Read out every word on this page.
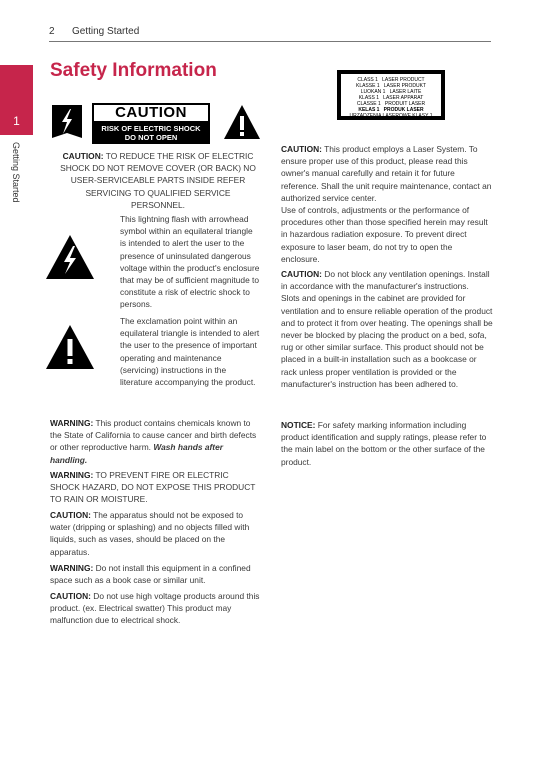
2 Getting Started
1
Getting Started
Safety Information
CAUTION
RISK OF ELECTRIC SHOCK
DO NOT OPEN
CAUTION: TO REDUCE THE RISK OF ELECTRIC SHOCK DO NOT REMOVE COVER (OR BACK) NO USER-SERVICEABLE PARTS INSIDE REFER SERVICING TO QUALIFIED SERVICE PERSONNEL.
This lightning flash with arrowhead symbol within an equilateral triangle is intended to alert the user to the presence of uninsulated dangerous voltage within the product's enclosure that may be of sufficient magnitude to constitute a risk of electric shock to persons.
The exclamation point within an equilateral triangle is intended to alert the user to the presence of important operating and maintenance (servicing) instructions in the literature accompanying the product.
WARNING: This product contains chemicals known to the State of California to cause cancer and birth defects or other reproductive harm. Wash hands after handling.
WARNING: TO PREVENT FIRE OR ELECTRIC SHOCK HAZARD, DO NOT EXPOSE THIS PRODUCT TO RAIN OR MOISTURE.
CAUTION: The apparatus should not be exposed to water (dripping or splashing) and no objects filled with liquids, such as vases, should be placed on the apparatus.
WARNING: Do not install this equipment in a confined space such as a book case or similar unit.
CAUTION: Do not use high voltage products around this product. (ex. Electrical swatter) This product may malfunction due to electrical shock.
CLASS 1   LASER PRODUCT
KLASSE 1   LASER PRODUKT
LUOKAN 1   LASER LAITE
KLASS 1   LASER APPARAT
CLASSE 1   PRODUIT LASER
KELAS 1   PRODUK LASER
URZADZENIA LASEROWE KLASY 1
CAUTION: This product employs a Laser System. To ensure proper use of this product, please read this owner's manual carefully and retain it for future reference. Shall the unit require maintenance, contact an authorized service center.
Use of controls, adjustments or the performance of procedures other than those specified herein may result in hazardous radiation exposure. To prevent direct exposure to laser beam, do not try to open the enclosure.
CAUTION: Do not block any ventilation openings. Install in accordance with the manufacturer's instructions.
Slots and openings in the cabinet are provided for ventilation and to ensure reliable operation of the product and to protect it from over heating. The openings shall be never be blocked by placing the product on a bed, sofa, rug or other similar surface. This product should not be placed in a built-in installation such as a bookcase or rack unless proper ventilation is provided or the manufacturer's instruction has been adhered to.
NOTICE: For safety marking information including product identification and supply ratings, please refer to the main label on the bottom or the other surface of the product.
